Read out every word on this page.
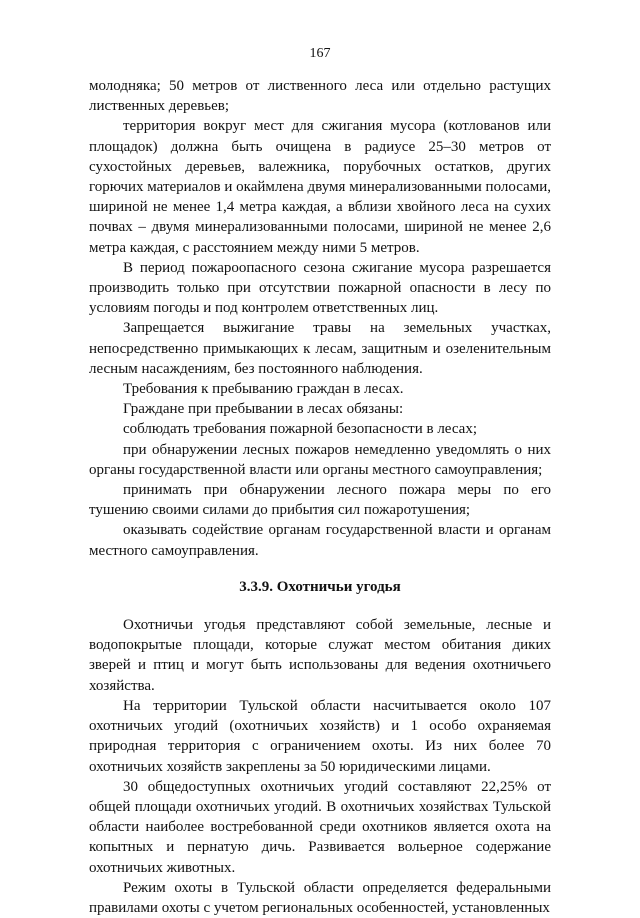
167

молодняка; 50 метров от лиственного леса или отдельно растущих лиственных деревьев;

территория вокруг мест для сжигания мусора (котлованов или площадок) должна быть очищена в радиусе 25–30 метров от сухостойных деревьев, валежника, порубочных остатков, других горючих материалов и окаймлена двумя минерализованными полосами, шириной не менее 1,4 метра каждая, а вблизи хвойного леса на сухих почвах – двумя минерализованными полосами, шириной не менее 2,6 метра каждая, с расстоянием между ними 5 метров.

В период пожароопасного сезона сжигание мусора разрешается производить только при отсутствии пожарной опасности в лесу по условиям погоды и под контролем ответственных лиц.

Запрещается выжигание травы на земельных участках, непосредственно примыкающих к лесам, защитным и озеленительным лесным насаждениям, без постоянного наблюдения.

Требования к пребыванию граждан в лесах.

Граждане при пребывании в лесах обязаны:

соблюдать требования пожарной безопасности в лесах;

при обнаружении лесных пожаров немедленно уведомлять о них органы государственной власти или органы местного самоуправления;

принимать при обнаружении лесного пожара меры по его тушению своими силами до прибытия сил пожаротушения;

оказывать содействие органам государственной власти и органам местного самоуправления.

3.3.9. Охотничьи угодья

Охотничьи угодья представляют собой земельные, лесные и водопокрытые площади, которые служат местом обитания диких зверей и птиц и могут быть использованы для ведения охотничьего хозяйства.

На территории Тульской области насчитывается около 107 охотничьих угодий (охотничьих хозяйств) и 1 особо охраняемая природная территория с ограничением охоты. Из них более 70 охотничьих хозяйств закреплены за 50 юридическими лицами.

30 общедоступных охотничьих угодий составляют 22,25% от общей площади охотничьих угодий. В охотничьих хозяйствах Тульской области наиболее востребованной среди охотников является охота на копытных и пернатую дичь. Развивается вольерное содержание охотничьих животных.

Режим охоты в Тульской области определяется федеральными правилами охоты с учетом региональных особенностей, установленных
